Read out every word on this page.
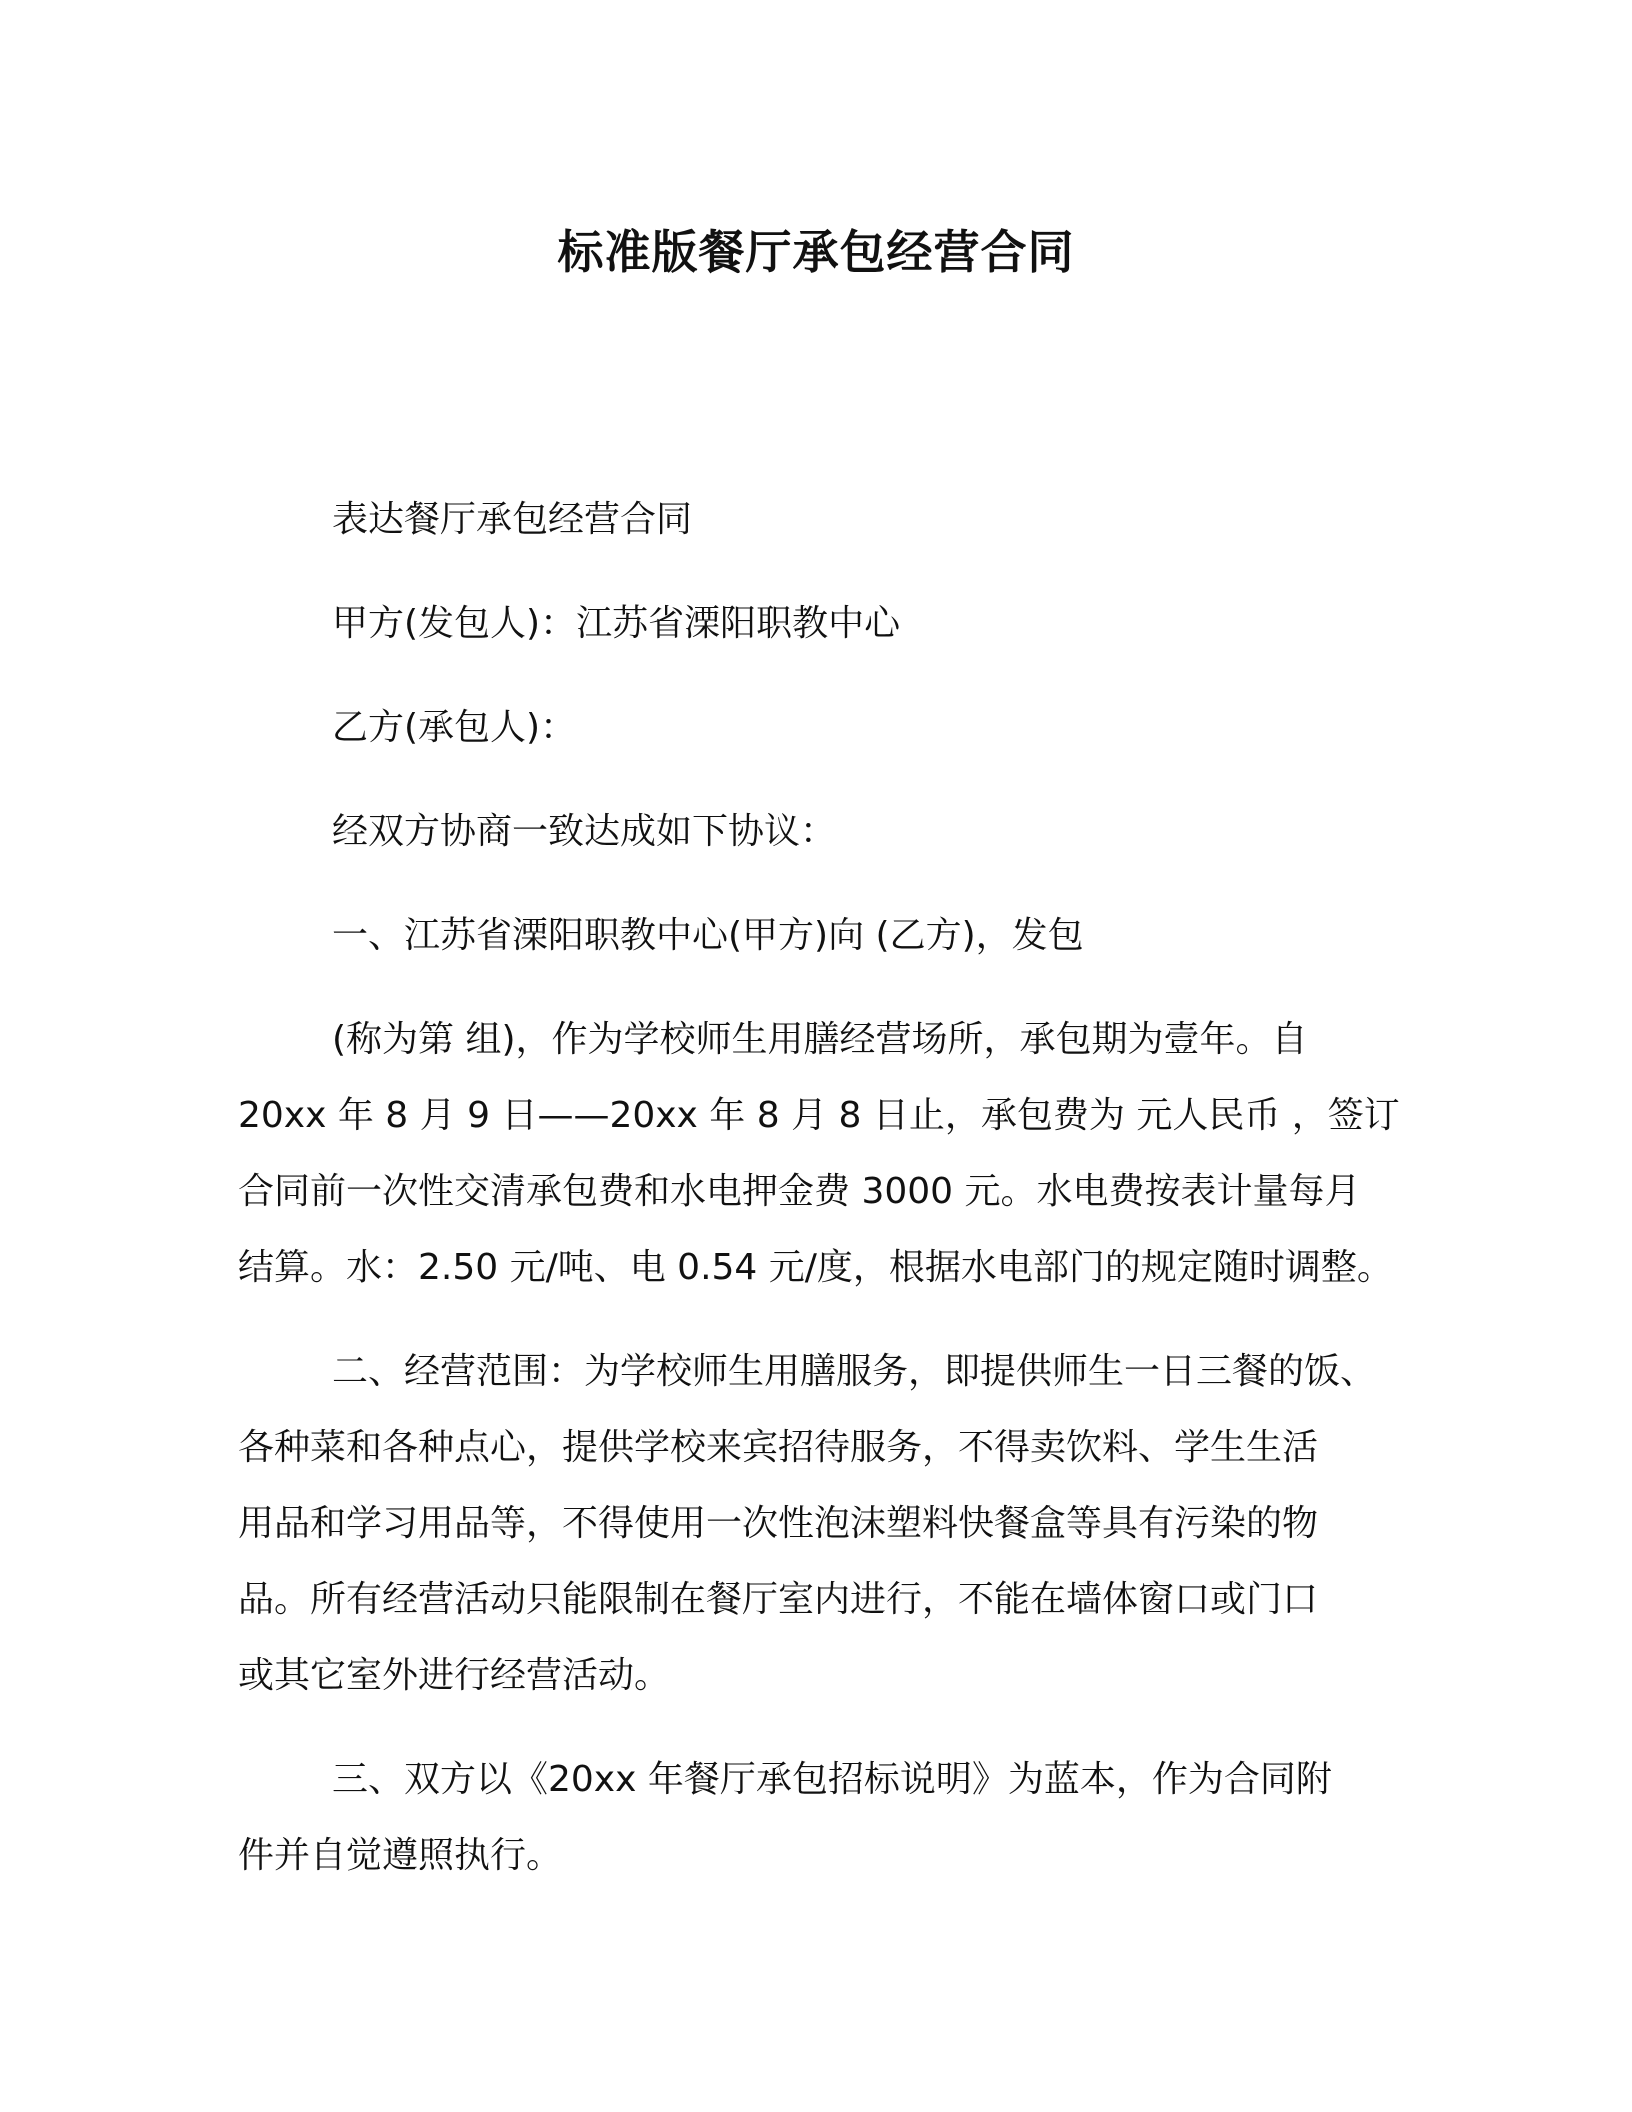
标准版餐厅承包经营合同

表达餐厅承包经营合同

甲方(发包人)：江苏省溧阳职教中心

乙方(承包人)：

经双方协商一致达成如下协议：

一、江苏省溧阳职教中心(甲方)向 (乙方)，发包

(称为第 组)，作为学校师生用膳经营场所，承包期为壹年。自

20xx 年 8 月 9 日——20xx 年 8 月 8 日止，承包费为 元人民币 ，签订

合同前一次性交清承包费和水电押金费 3000 元。水电费按表计量每月

结算。水：2.50 元/吨、电 0.54 元/度，根据水电部门的规定随时调整。

二、经营范围：为学校师生用膳服务，即提供师生一日三餐的饭、

各种菜和各种点心，提供学校来宾招待服务，不得卖饮料、学生生活

用品和学习用品等，不得使用一次性泡沫塑料快餐盒等具有污染的物

品。所有经营活动只能限制在餐厅室内进行，不能在墙体窗口或门口

或其它室外进行经营活动。

三、双方以《20xx 年餐厅承包招标说明》为蓝本，作为合同附

件并自觉遵照执行。
